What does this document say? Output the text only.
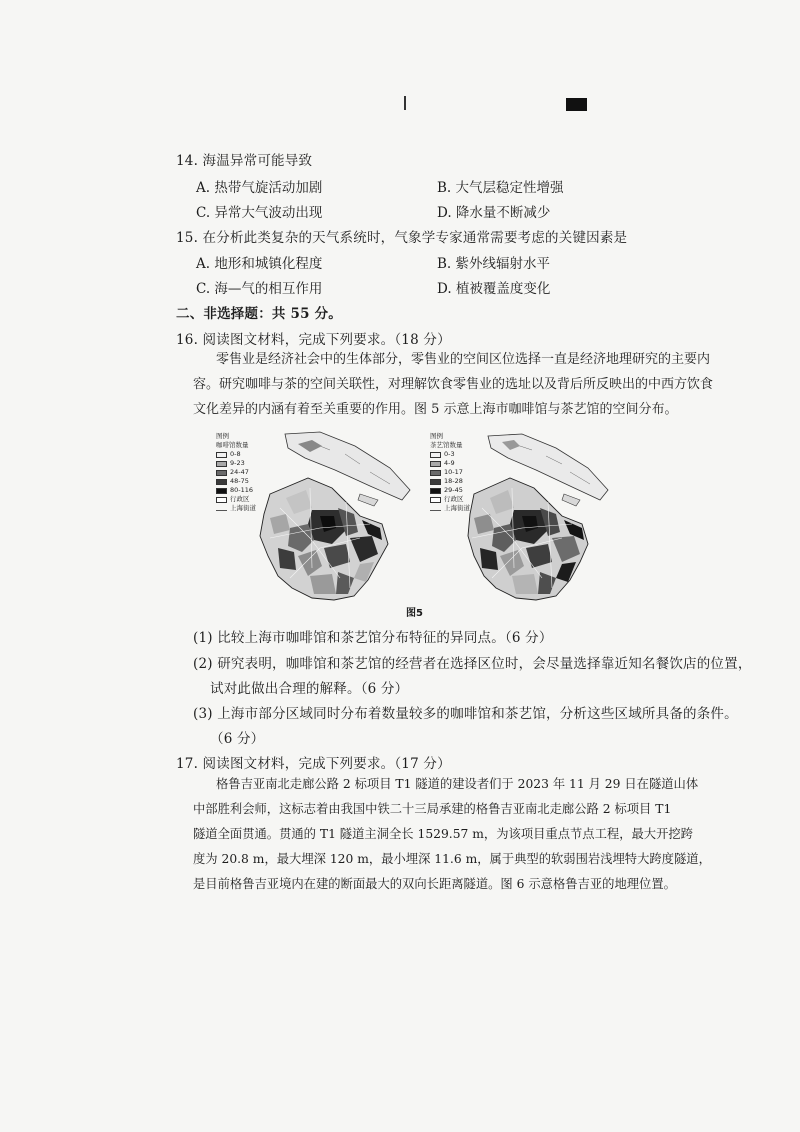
14. 海温异常可能导致
A. 热带气旋活动加剧	B. 大气层稳定性增强
C. 异常大气波动出现	D. 降水量不断减少
15. 在分析此类复杂的天气系统时，气象学专家通常需要考虑的关键因素是
A. 地形和城镇化程度	B. 紫外线辐射水平
C. 海—气的相互作用	D. 植被覆盖度变化
二、非选择题：共 55 分。
16. 阅读图文材料，完成下列要求。（18 分）
零售业是经济社会中的生体部分，零售业的空间区位选择一直是经济地理研究的主要内
容。研究咖啡与茶的空间关联性，对理解饮食零售业的选址以及背后所反映出的中西方饮食
文化差异的内涵有着至关重要的作用。图 5 示意上海市咖啡馆与茶艺馆的空间分布。
图例
咖啡馆数量
0-8
9-23
24-47
48-75
80-116
行政区
上海街道
图例
茶艺馆数量
0-3
4-9
10-17
18-28
29-45
行政区
上海街道
图5
(1) 比较上海市咖啡馆和茶艺馆分布特征的异同点。（6 分）
(2) 研究表明，咖啡馆和茶艺馆的经营者在选择区位时，会尽量选择靠近知名餐饮店的位置，
试对此做出合理的解释。（6 分）
(3) 上海市部分区域同时分布着数量较多的咖啡馆和茶艺馆，分析这些区域所具备的条件。
（6 分）
17. 阅读图文材料，完成下列要求。（17 分）
格鲁吉亚南北走廊公路 2 标项目 T1 隧道的建设者们于 2023 年 11 月 29 日在隧道山体
中部胜利会师，这标志着由我国中铁二十三局承建的格鲁吉亚南北走廊公路 2 标项目 T1
隧道全面贯通。贯通的 T1 隧道主洞全长 1529.57 m，为该项目重点节点工程，最大开挖跨
度为 20.8 m，最大埋深 120 m，最小埋深 11.6 m，属于典型的软弱围岩浅埋特大跨度隧道，
是目前格鲁吉亚境内在建的断面最大的双向长距离隧道。图 6 示意格鲁吉亚的地理位置。
